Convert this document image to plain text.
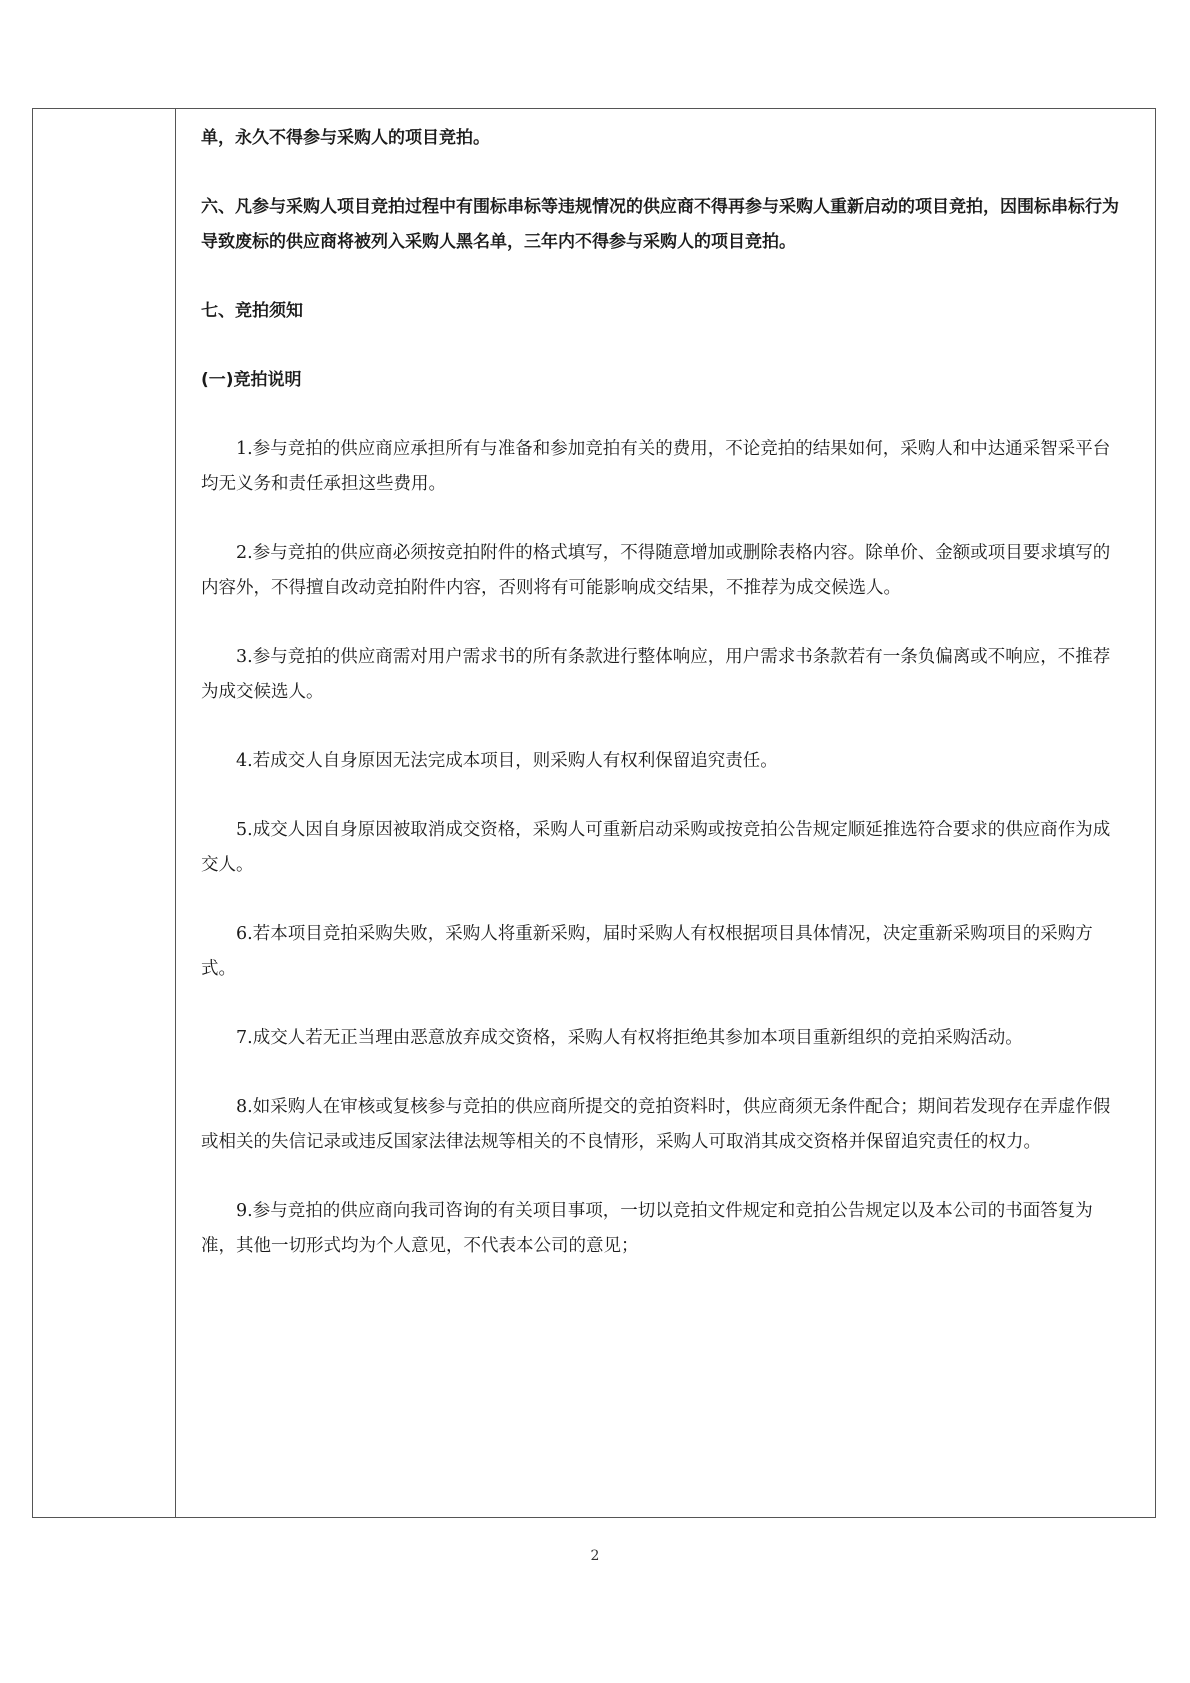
单，永久不得参与采购人的项目竞拍。

六、凡参与采购人项目竞拍过程中有围标串标等违规情况的供应商不得再参与采购人重新启动的项目竞拍，因围标串标行为导致废标的供应商将被列入采购人黑名单，三年内不得参与采购人的项目竞拍。

七、竞拍须知

(一)竞拍说明

1.参与竞拍的供应商应承担所有与准备和参加竞拍有关的费用，不论竞拍的结果如何，采购人和中达通采智采平台均无义务和责任承担这些费用。

2.参与竞拍的供应商必须按竞拍附件的格式填写，不得随意增加或删除表格内容。除单价、金额或项目要求填写的内容外，不得擅自改动竞拍附件内容，否则将有可能影响成交结果，不推荐为成交候选人。

3.参与竞拍的供应商需对用户需求书的所有条款进行整体响应，用户需求书条款若有一条负偏离或不响应，不推荐为成交候选人。

4.若成交人自身原因无法完成本项目，则采购人有权利保留追究责任。

5.成交人因自身原因被取消成交资格，采购人可重新启动采购或按竞拍公告规定顺延推选符合要求的供应商作为成交人。

6.若本项目竞拍采购失败，采购人将重新采购，届时采购人有权根据项目具体情况，决定重新采购项目的采购方式。

7.成交人若无正当理由恶意放弃成交资格，采购人有权将拒绝其参加本项目重新组织的竞拍采购活动。

8.如采购人在审核或复核参与竞拍的供应商所提交的竞拍资料时，供应商须无条件配合；期间若发现存在弄虚作假或相关的失信记录或违反国家法律法规等相关的不良情形，采购人可取消其成交资格并保留追究责任的权力。

9.参与竞拍的供应商向我司咨询的有关项目事项，一切以竞拍文件规定和竞拍公告规定以及本公司的书面答复为准，其他一切形式均为个人意见，不代表本公司的意见；

2
